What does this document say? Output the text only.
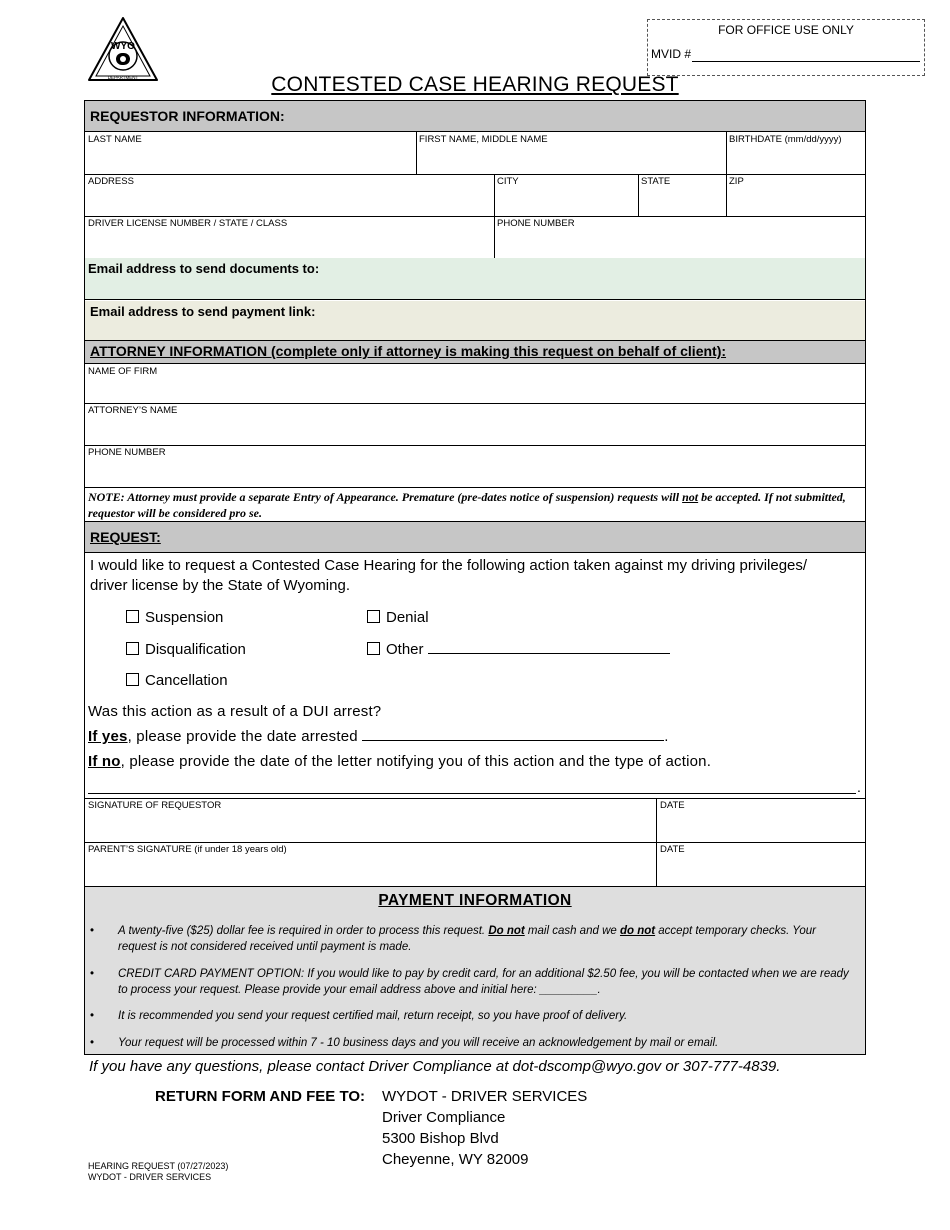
WYO
DEPARTMENT
FOR OFFICE USE ONLY
MVID #
CONTESTED CASE HEARING REQUEST
REQUESTOR INFORMATION:
LAST NAME	FIRST NAME, MIDDLE NAME	BIRTHDATE (mm/dd/yyyy)
ADDRESS	CITY	STATE	ZIP
DRIVER LICENSE NUMBER / STATE / CLASS	PHONE NUMBER
Email address to send documents to:
Email address to send payment link:
ATTORNEY INFORMATION (complete only if attorney is making this request on behalf of client):
NAME OF FIRM
ATTORNEY’S NAME
PHONE NUMBER
NOTE: Attorney must provide a separate Entry of Appearance. Premature (pre-dates notice of suspension) requests will not be accepted. If not submitted, requestor will be considered pro se.
REQUEST:
I would like to request a Contested Case Hearing for the following action taken against my driving privileges/ driver license by the State of Wyoming.
Suspension	Denial
Disqualification	Other
Cancellation
Was this action as a result of a DUI arrest?
If yes, please provide the date arrested	.
If no, please provide the date of the letter notifying you of this action and the type of action.
.
SIGNATURE OF REQUESTOR	DATE
PARENT’S SIGNATURE (if under 18 years old)	DATE
PAYMENT INFORMATION
• A twenty-five ($25) dollar fee is required in order to process this request. Do not mail cash and we do not accept temporary checks. Your request is not considered received until payment is made.
• CREDIT CARD PAYMENT OPTION: If you would like to pay by credit card, for an additional $2.50 fee, you will be contacted when we are ready to process your request. Please provide your email address above and initial here: _________.
• It is recommended you send your request certified mail, return receipt, so you have proof of delivery.
• Your request will be processed within 7 - 10 business days and you will receive an acknowledgement by mail or email.
If you have any questions, please contact Driver Compliance at dot-dscomp@wyo.gov or 307-777-4839.
RETURN FORM AND FEE TO: WYDOT - DRIVER SERVICES
Driver Compliance
5300 Bishop Blvd
Cheyenne, WY 82009
HEARING REQUEST (07/27/2023)
WYDOT - DRIVER SERVICES
